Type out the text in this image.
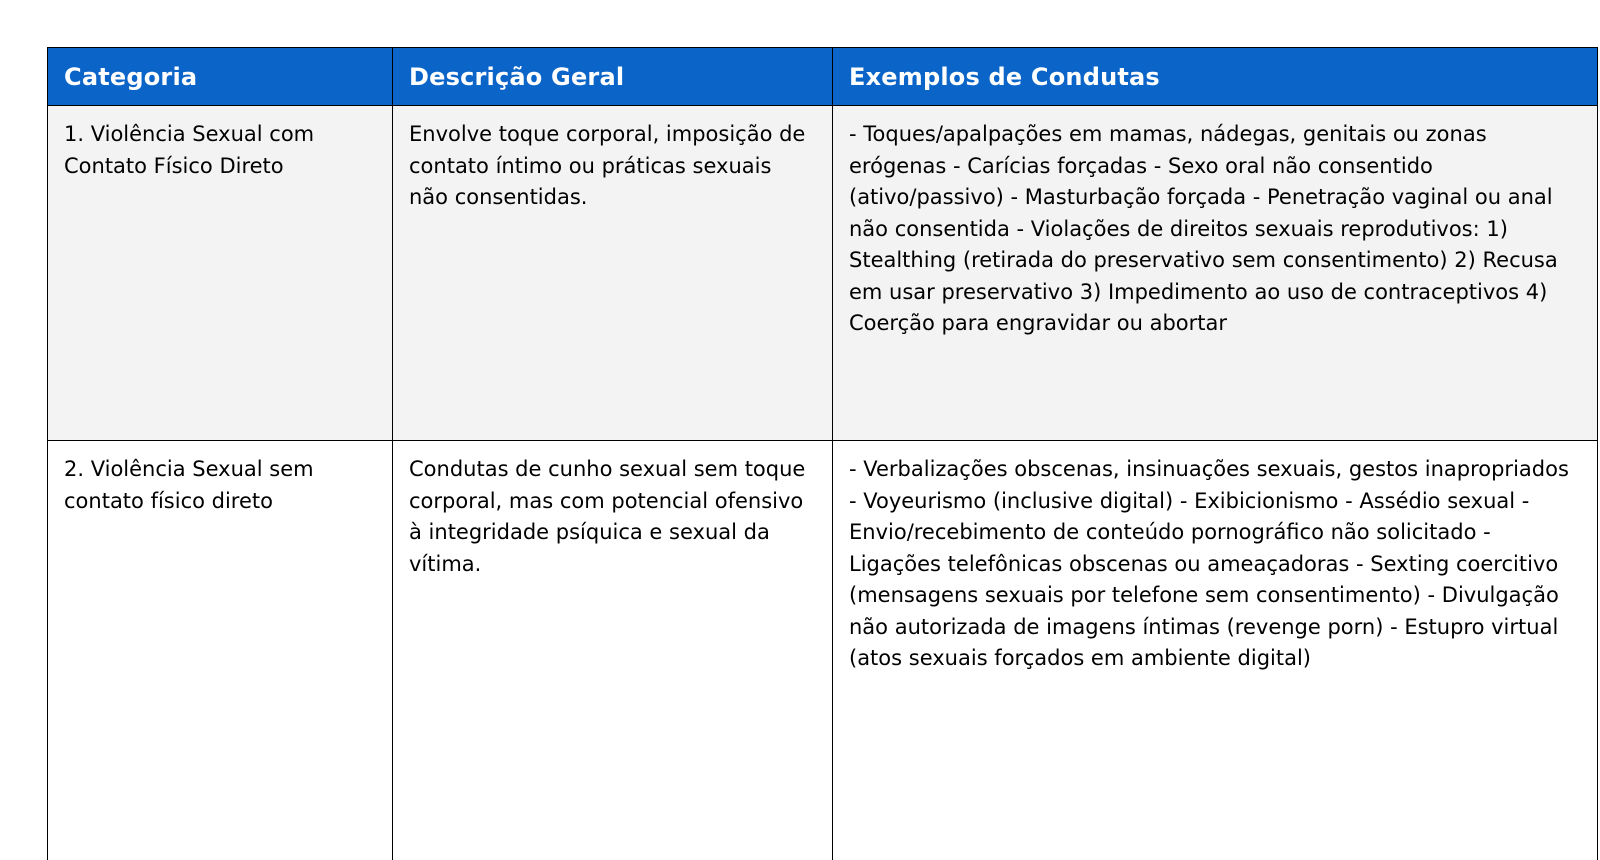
Categoria	Descrição Geral	Exemplos de Condutas
1. Violência Sexual com Contato Físico Direto	Envolve toque corporal, imposição de contato íntimo ou práticas sexuais não consentidas.	- Toques/apalpações em mamas, nádegas, genitais ou zonas erógenas - Carícias forçadas - Sexo oral não consentido (ativo/passivo) - Masturbação forçada - Penetração vaginal ou anal não consentida - Violações de direitos sexuais reprodutivos: 1) Stealthing (retirada do preservativo sem consentimento) 2) Recusa em usar preservativo 3) Impedimento ao uso de contraceptivos 4) Coerção para engravidar ou abortar
2. Violência Sexual sem contato físico direto	Condutas de cunho sexual sem toque corporal, mas com potencial ofensivo à integridade psíquica e sexual da vítima.	- Verbalizações obscenas, insinuações sexuais, gestos inapropriados - Voyeurismo (inclusive digital) - Exibicionismo - Assédio sexual - Envio/recebimento de conteúdo pornográfico não solicitado - Ligações telefônicas obscenas ou ameaçadoras - Sexting coercitivo (mensagens sexuais por telefone sem consentimento) - Divulgação não autorizada de imagens íntimas (revenge porn) - Estupro virtual (atos sexuais forçados em ambiente digital)
